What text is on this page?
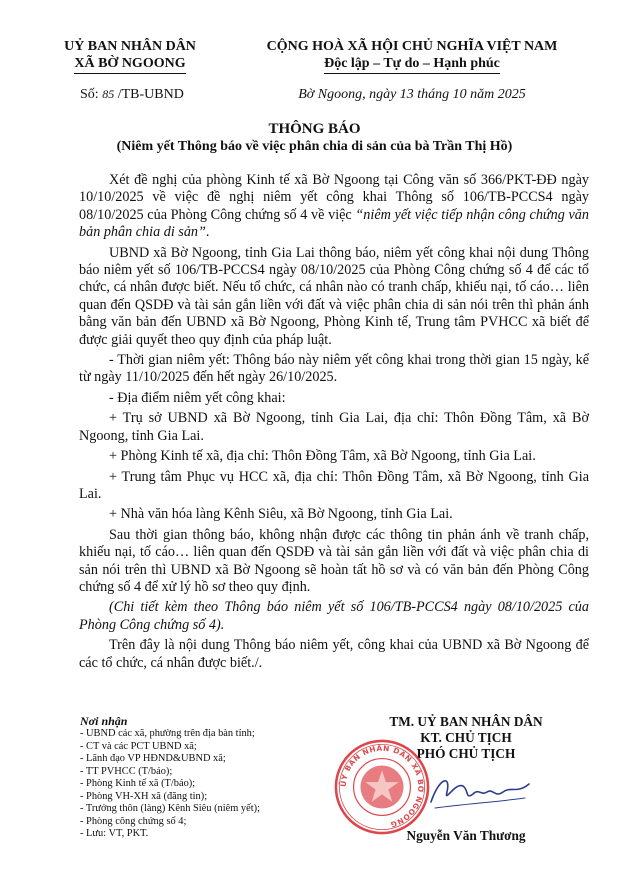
UỶ BAN NHÂN DÂN
XÃ BỜ NGOONG
CỘNG HOÀ XÃ HỘI CHỦ NGHĨA VIỆT NAM
Độc lập – Tự do – Hạnh phúc
Số: 85 /TB-UBND	Bờ Ngoong, ngày 13 tháng 10 năm 2025
THÔNG BÁO
(Niêm yết Thông báo về việc phân chia di sản của bà Trần Thị Hồ)

Xét đề nghị của phòng Kinh tế xã Bờ Ngoong tại Công văn số 366/PKT-ĐĐ ngày 10/10/2025 về việc đề nghị niêm yết công khai Thông số 106/TB-PCCS4 ngày 08/10/2025 của Phòng Công chứng số 4 về việc “niêm yết việc tiếp nhận công chứng văn bản phân chia di sản”.

UBND xã Bờ Ngoong, tỉnh Gia Lai thông báo, niêm yết công khai nội dung Thông báo niêm yết số 106/TB-PCCS4 ngày 08/10/2025 của Phòng Công chứng số 4 để các tổ chức, cá nhân được biết. Nếu tổ chức, cá nhân nào có tranh chấp, khiếu nại, tố cáo… liên quan đến QSDĐ và tài sản gắn liền với đất và việc phân chia di sản nói trên thì phản ánh bằng văn bản đến UBND xã Bờ Ngoong, Phòng Kinh tế, Trung tâm PVHCC xã biết để được giải quyết theo quy định của pháp luật.

- Thời gian niêm yết: Thông báo này niêm yết công khai trong thời gian 15 ngày, kể từ ngày 11/10/2025 đến hết ngày 26/10/2025.

- Địa điểm niêm yết công khai:

+ Trụ sở UBND xã Bờ Ngoong, tỉnh Gia Lai, địa chỉ: Thôn Đồng Tâm, xã Bờ Ngoong, tỉnh Gia Lai.

+ Phòng Kinh tế xã, địa chỉ: Thôn Đồng Tâm, xã Bờ Ngoong, tỉnh Gia Lai.

+ Trung tâm Phục vụ HCC xã, địa chỉ: Thôn Đồng Tâm, xã Bờ Ngoong, tỉnh Gia Lai.

+ Nhà văn hóa làng Kênh Siêu, xã Bờ Ngoong, tỉnh Gia Lai.

Sau thời gian thông báo, không nhận được các thông tin phản ánh về tranh chấp, khiếu nại, tố cáo… liên quan đến QSDĐ và tài sản gắn liền với đất và việc phân chia di sản nói trên thì UBND xã Bờ Ngoong sẽ hoàn tất hồ sơ và có văn bản đến Phòng Công chứng số 4 để xử lý hồ sơ theo quy định.

(Chi tiết kèm theo Thông báo niêm yết số 106/TB-PCCS4 ngày 08/10/2025 của Phòng Công chứng số 4).

Trên đây là nội dung Thông báo niêm yết, công khai của UBND xã Bờ Ngoong để các tổ chức, cá nhân được biết./.

Nơi nhận
- UBND các xã, phường trên địa bàn tỉnh;
- CT và các PCT UBND xã;
- Lãnh đạo VP HĐND&UBND xã;
- TT PVHCC (T/báo);
- Phòng Kinh tế xã (T/báo);
- Phòng VH-XH xã (đăng tin);
- Trưởng thôn (làng) Kênh Siêu (niêm yết);
- Phòng công chứng số 4;
- Lưu: VT, PKT.
TM. UỶ BAN NHÂN DÂN
KT. CHỦ TỊCH
PHÓ CHỦ TỊCH
ỦY BAN NHÂN DÂN XÃ BỜ NGOONG
Nguyễn Văn Thương
